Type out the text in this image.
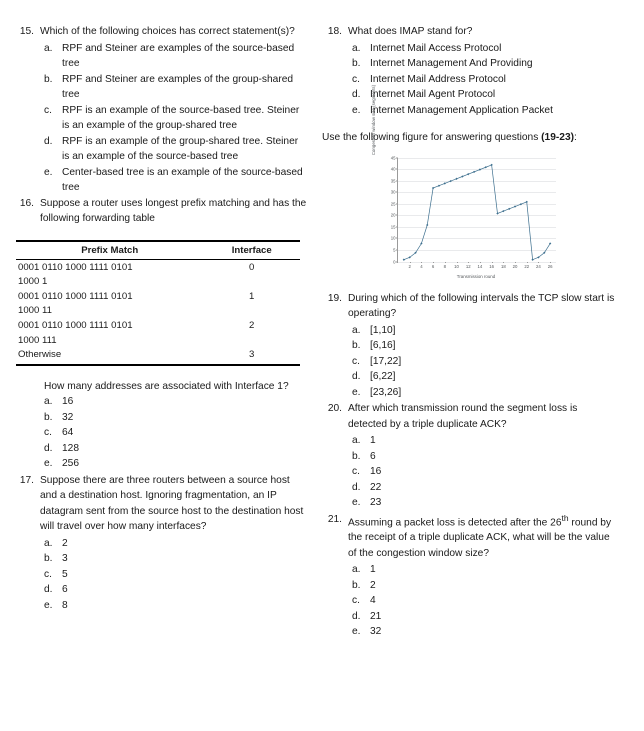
15. Which of the following choices has correct statement(s)?
a. RPF and Steiner are examples of the source-based tree
b. RPF and Steiner are examples of the group-shared tree
c. RPF is an example of the source-based tree. Steiner is an example of the group-shared tree
d. RPF is an example of the group-shared tree. Steiner is an example of the source-based tree
e. Center-based tree is an example of the source-based tree
16. Suppose a router uses longest prefix matching and has the following forwarding table
Prefix Match	Interface
0001 0110 1000 1111 0101	0
1000 1	
0001 0110 1000 1111 0101	1
1000 11	
0001 0110 1000 1111 0101	2
1000 111	
Otherwise	3
How many addresses are associated with Interface 1?
a. 16
b. 32
c. 64
d. 128
e. 256
17. Suppose there are three routers between a source host and a destination host. Ignoring fragmentation, an IP datagram sent from the source host to the destination host will travel over how many interfaces?
a. 2
b. 3
c. 5
d. 6
e. 8
18. What does IMAP stand for?
a. Internet Mail Access Protocol
b. Internet Management And Providing
c. Internet Mail Address Protocol
d. Internet Mail Agent Protocol
e. Internet Management Application Packet
Use the following figure for answering questions (19-23):
Congestion window size (segments)
0
5
10
15
20
25
30
35
40
45
2 4 6 8 10 12 14 16 18 20 22 24 26
Transmission round
19. During which of the following intervals the TCP slow start is operating?
a. [1,10]
b. [6,16]
c. [17,22]
d. [6,22]
e. [23,26]
20. After which transmission round the segment loss is detected by a triple duplicate ACK?
a. 1
b. 6
c. 16
d. 22
e. 23
21. Assuming a packet loss is detected after the 26th round by the receipt of a triple duplicate ACK, what will be the value of the congestion window size?
a. 1
b. 2
c. 4
d. 21
e. 32
